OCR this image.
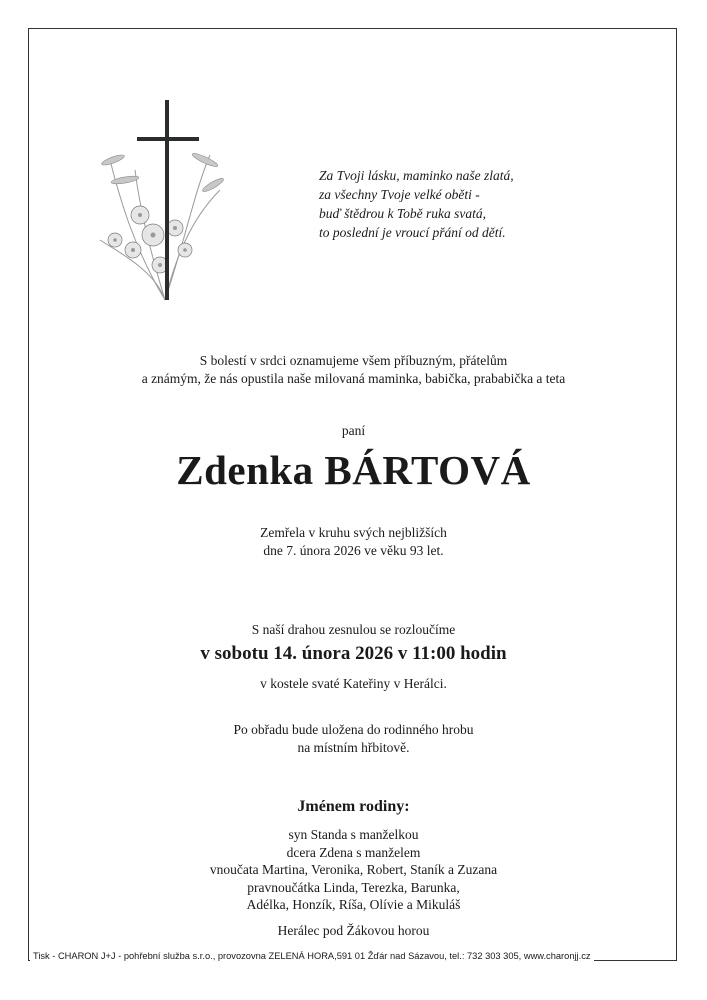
Za Tvoji lásku, maminko naše zlatá,
za všechny Tvoje velké oběti -
buď štědrou k Tobě ruka svatá,
to poslední je vroucí přání od dětí.
S bolestí v srdci oznamujeme všem příbuzným, přátelům
a známým, že nás opustila naše milovaná maminka, babička, prababička a teta
paní
Zdenka BÁRTOVÁ
Zemřela v kruhu svých nejbližších
dne 7. února 2026 ve věku 93 let.
S naší drahou zesnulou se rozloučíme
v sobotu 14. února 2026 v 11:00 hodin
v kostele svaté Kateřiny v Herálci.
Po obřadu bude uložena do rodinného hrobu
na místním hřbitově.
Jménem rodiny:
syn Standa s manželkou
dcera Zdena s manželem
vnoučata Martina, Veronika, Robert, Staník a Zuzana
pravnoučátka Linda, Terezka, Barunka,
Adélka, Honzík, Ríša, Olívie a Mikuláš
Herálec pod Žákovou horou
Tisk - CHARON J+J - pohřební služba s.r.o., provozovna ZELENÁ HORA,591 01 Žďár nad Sázavou, tel.: 732 303 305, www.charonjj.cz
